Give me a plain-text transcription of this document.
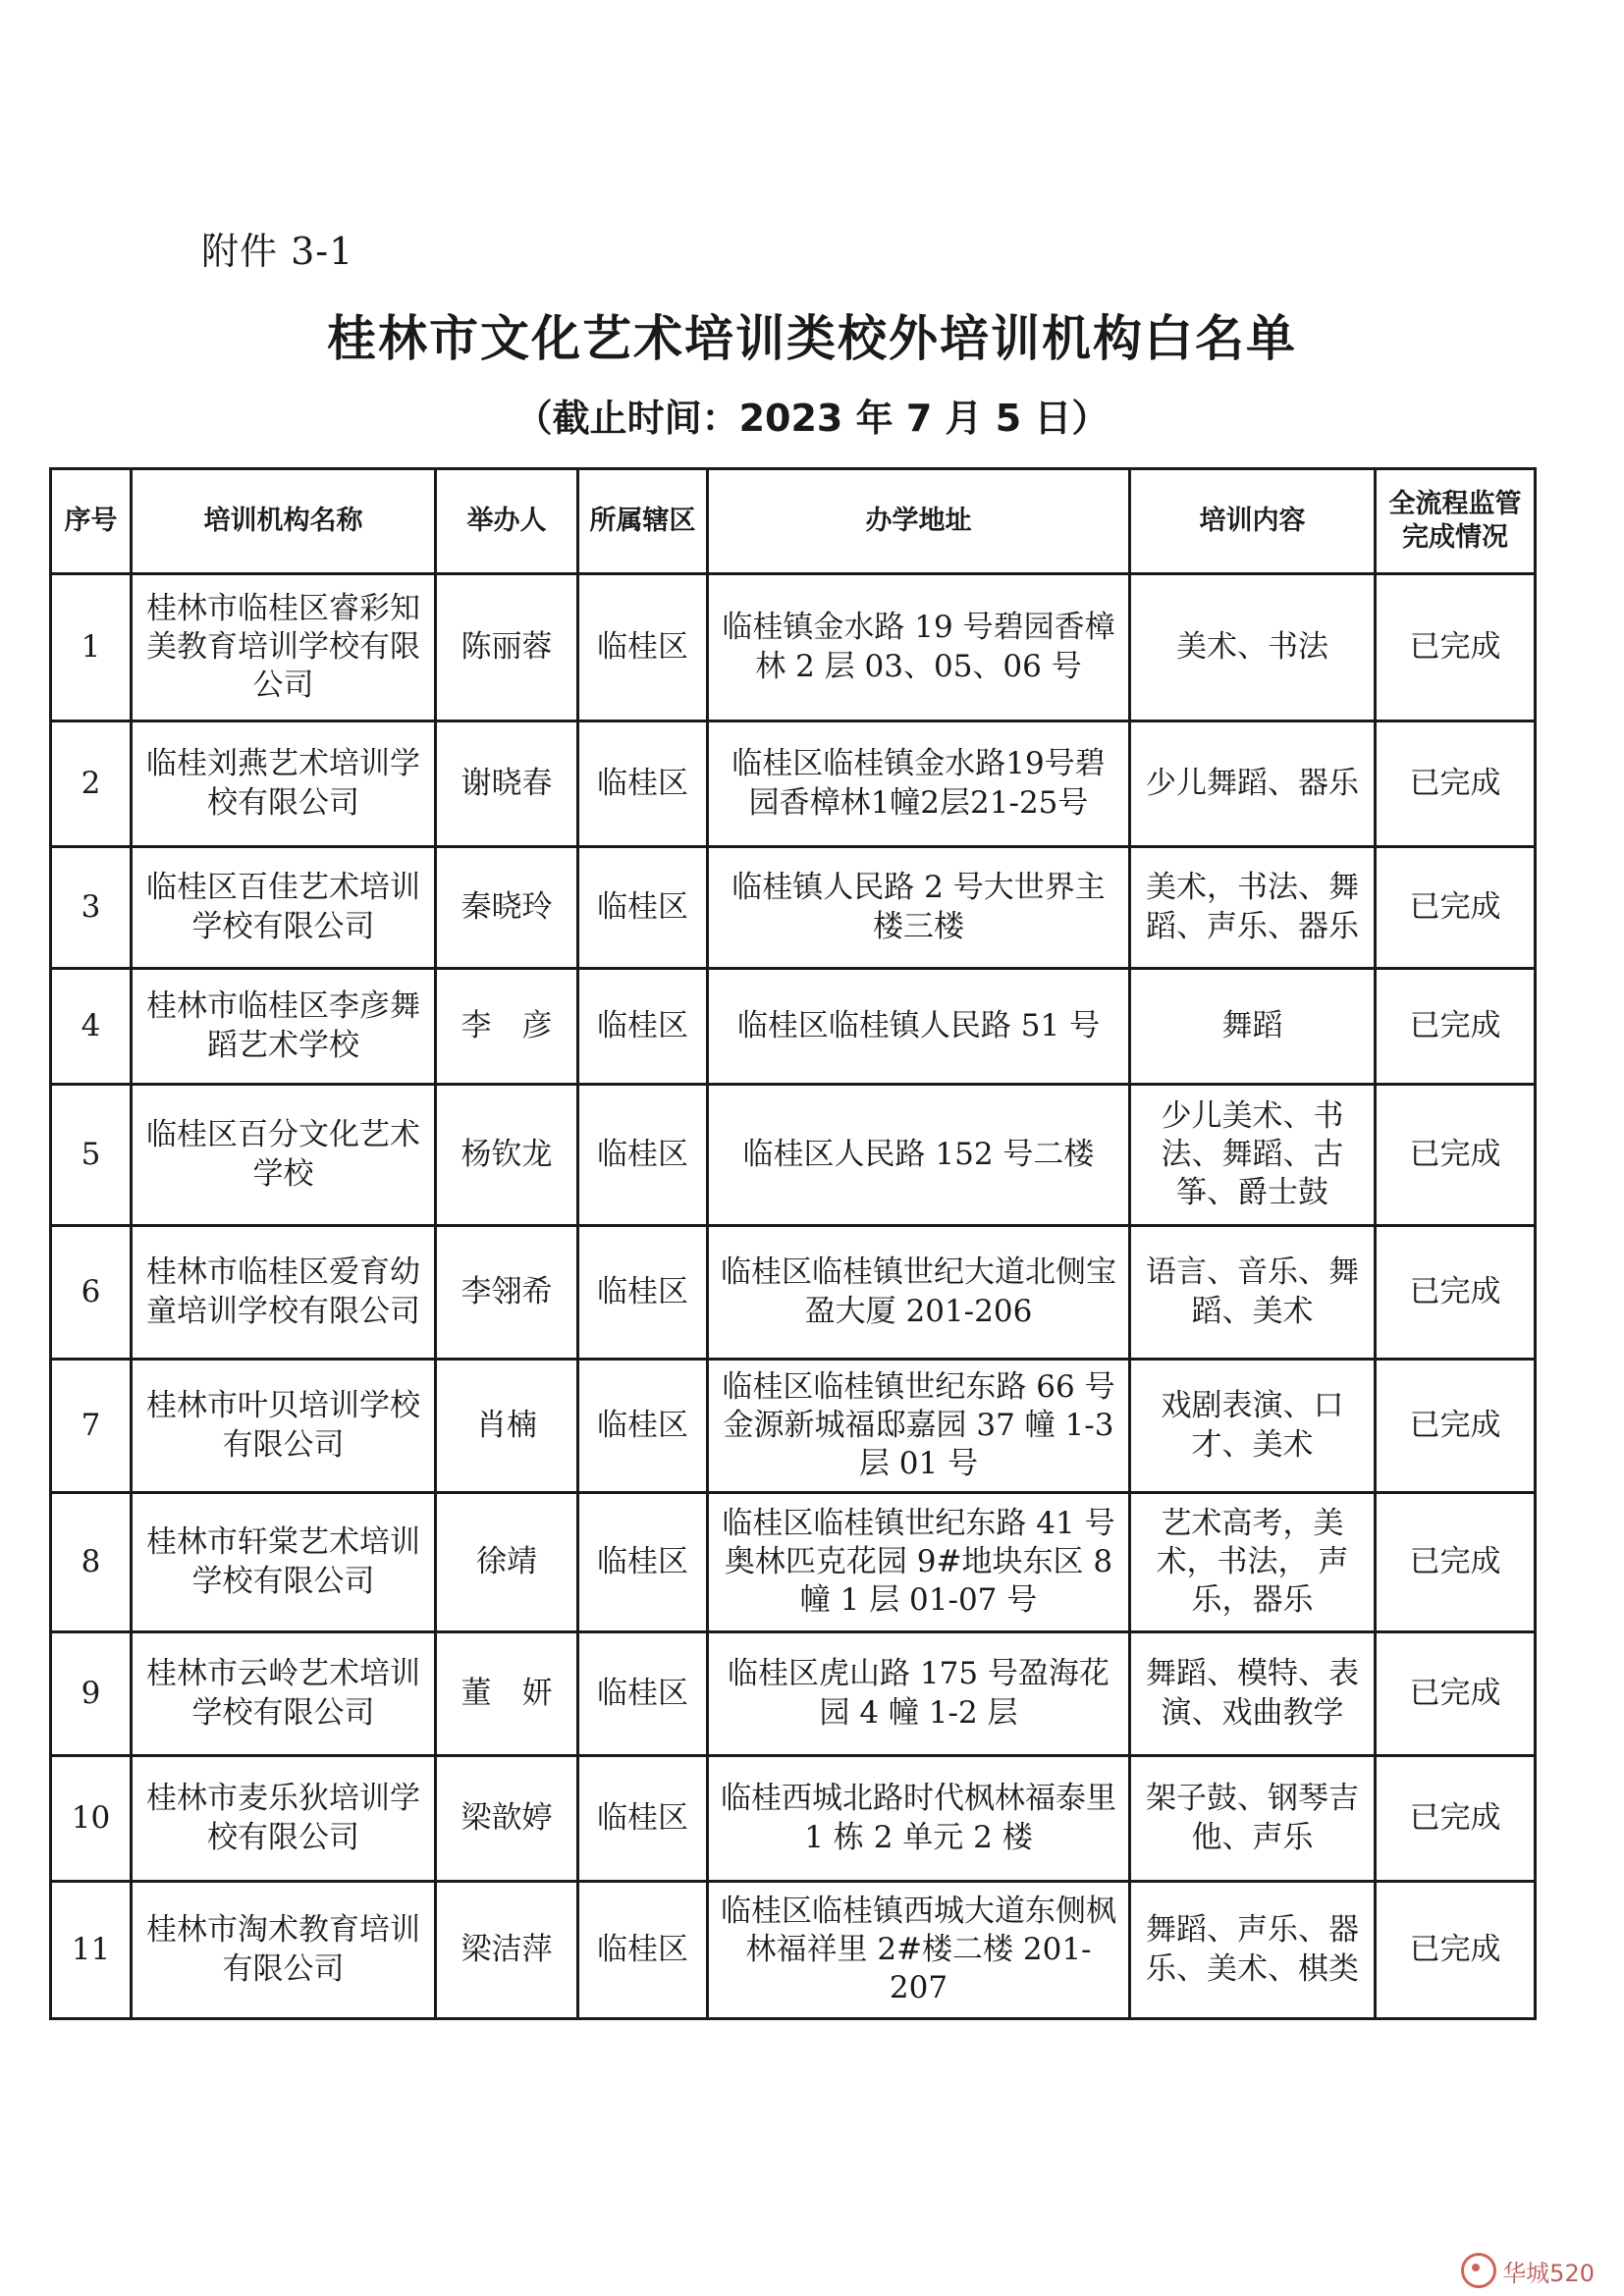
附件 3-1
桂林市文化艺术培训类校外培训机构白名单
（截止时间：2023 年 7 月 5 日）
序号	培训机构名称	举办人	所属辖区	办学地址	培训内容	全流程监管完成情况
1	桂林市临桂区睿彩知美教育培训学校有限公司	陈丽蓉	临桂区	临桂镇金水路 19 号碧园香樟林 2 层 03、05、06 号	美术、书法	已完成
2	临桂刘燕艺术培训学校有限公司	谢晓春	临桂区	临桂区临桂镇金水路19号碧园香樟林1幢2层21-25号	少儿舞蹈、器乐	已完成
3	临桂区百佳艺术培训学校有限公司	秦晓玲	临桂区	临桂镇人民路 2 号大世界主楼三楼	美术，书法、舞蹈、声乐、器乐	已完成
4	桂林市临桂区李彦舞蹈艺术学校	李　彦	临桂区	临桂区临桂镇人民路 51 号	舞蹈	已完成
5	临桂区百分文化艺术学校	杨钦龙	临桂区	临桂区人民路 152 号二楼	少儿美术、书法、舞蹈、古筝、爵士鼓	已完成
6	桂林市临桂区爱育幼童培训学校有限公司	李翎希	临桂区	临桂区临桂镇世纪大道北侧宝盈大厦 201-206	语言、音乐、舞蹈、美术	已完成
7	桂林市叶贝培训学校有限公司	肖楠	临桂区	临桂区临桂镇世纪东路 66 号金源新城福邸嘉园 37 幢 1-3 层 01 号	戏剧表演、口才、美术	已完成
8	桂林市轩棠艺术培训学校有限公司	徐靖	临桂区	临桂区临桂镇世纪东路 41 号奥林匹克花园 9#地块东区 8 幢 1 层 01-07 号	艺术高考，美术，书法， 声乐，器乐	已完成
9	桂林市云岭艺术培训学校有限公司	董　妍	临桂区	临桂区虎山路 175 号盈海花园 4 幢 1-2 层	舞蹈、模特、表演、戏曲教学	已完成
10	桂林市麦乐狄培训学校有限公司	梁歆婷	临桂区	临桂西城北路时代枫林福泰里 1 栋 2 单元 2 楼	架子鼓、钢琴吉他、声乐	已完成
11	桂林市淘术教育培训有限公司	梁洁萍	临桂区	临桂区临桂镇西城大道东侧枫林福祥里 2#楼二楼 201-207	舞蹈、声乐、器乐、美术、棋类	已完成
华城520
